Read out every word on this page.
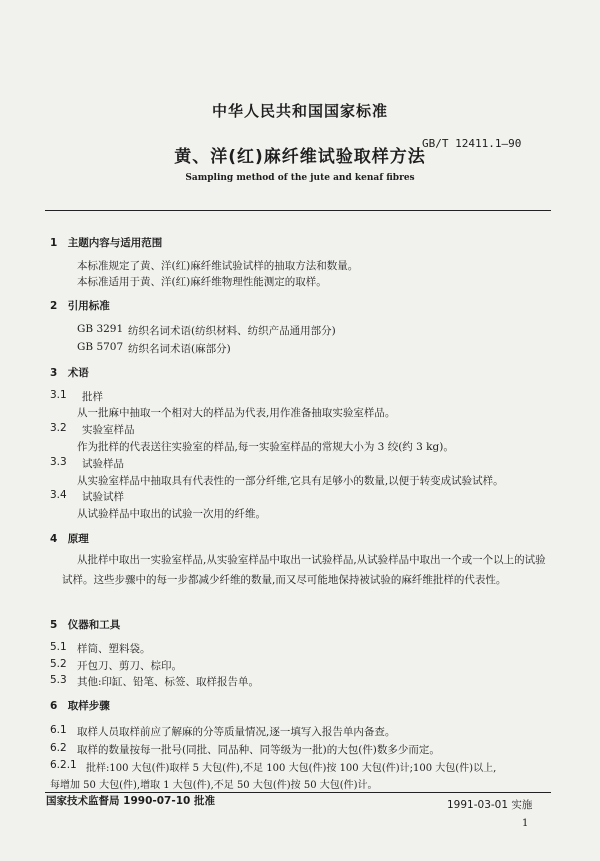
中华人民共和国国家标准
黄、洋(红)麻纤维试验取样方法
GB/T 12411.1—90
Sampling method of the jute and kenaf fibres
1　主题内容与适用范围
本标准规定了黄、洋(红)麻纤维试验试样的抽取方法和数量。
本标准适用于黄、洋(红)麻纤维物理性能测定的取样。
2　引用标准
GB 3291 纺织名词术语(纺织材料、纺织产品通用部分)
GB 5707 纺织名词术语(麻部分)
3　术语
3.1 批样
从一批麻中抽取一个相对大的样品为代表,用作准备抽取实验室样品。
3.2 实验室样品
作为批样的代表送往实验室的样品,每一实验室样品的常规大小为 3 绞(约 3 kg)。
3.3 试验样品
从实验室样品中抽取具有代表性的一部分纤维,它具有足够小的数量,以便于转变成试验试样。
3.4 试验试样
从试验样品中取出的试验一次用的纤维。
4　原理
从批样中取出一实验室样品,从实验室样品中取出一试验样品,从试验样品中取出一个或一个以上的试验试样。这些步骤中的每一步都减少纤维的数量,而又尽可能地保持被试验的麻纤维批样的代表性。
5　仪器和工具
5.1 样筒、塑料袋。
5.2 开包刀、剪刀、棕印。
5.3 其他:印缸、铅笔、标签、取样报告单。
6　取样步骤
6.1 取样人员取样前应了解麻的分等质量情况,逐一填写入报告单内备查。
6.2 取样的数量按每一批号(同批、同品种、同等级为一批)的大包(件)数多少而定。
6.2.1 批样:100 大包(件)取样 5 大包(件),不足 100 大包(件)按 100 大包(件)计;100 大包(件)以上,
每增加 50 大包(件),增取 1 大包(件),不足 50 大包(件)按 50 大包(件)计。
国家技术监督局 1990-07-10 批准	1991-03-01 实施
1
